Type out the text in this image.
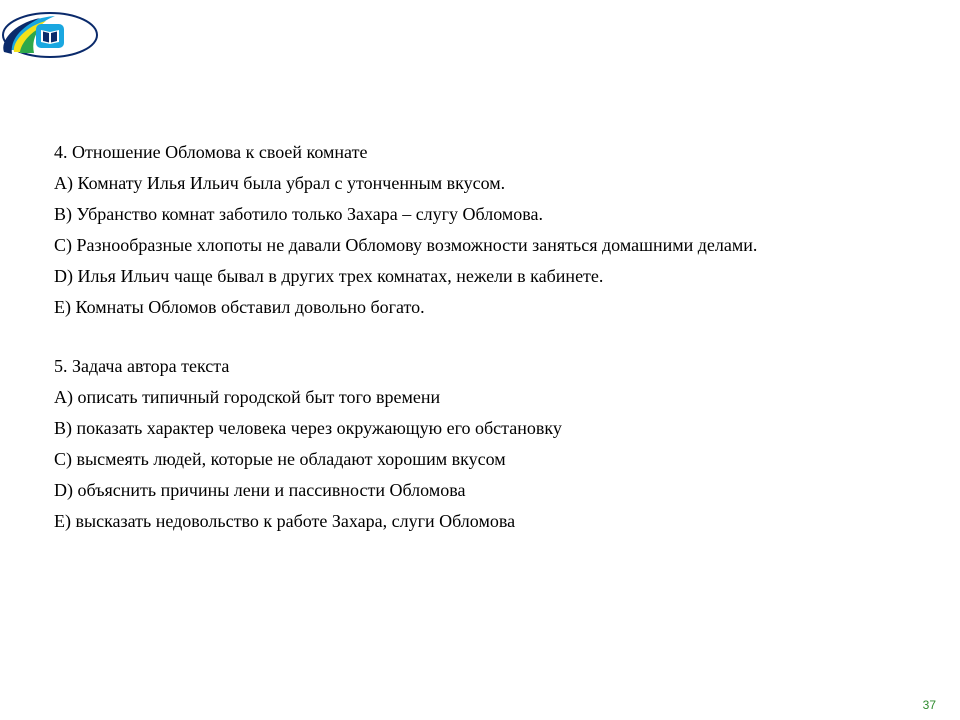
4. Отношение Обломова к своей комнате

A) Комнату Илья Ильич была убрал с утонченным вкусом.

B) Убранство комнат заботило только Захара – слугу Обломова.

C) Разнообразные хлопоты не давали Обломову возможности заняться домашними делами.

D) Илья Ильич чаще бывал в других трех комнатах, нежели в кабинете.

E) Комнаты Обломов обставил довольно богато.

5. Задача автора текста

A) описать типичный городской быт того времени

B) показать характер человека через окружающую его обстановку

C) высмеять людей, которые не обладают хорошим вкусом

D) объяснить причины лени и пассивности Обломова

E) высказать недовольство к работе Захара, слуги Обломова

37
